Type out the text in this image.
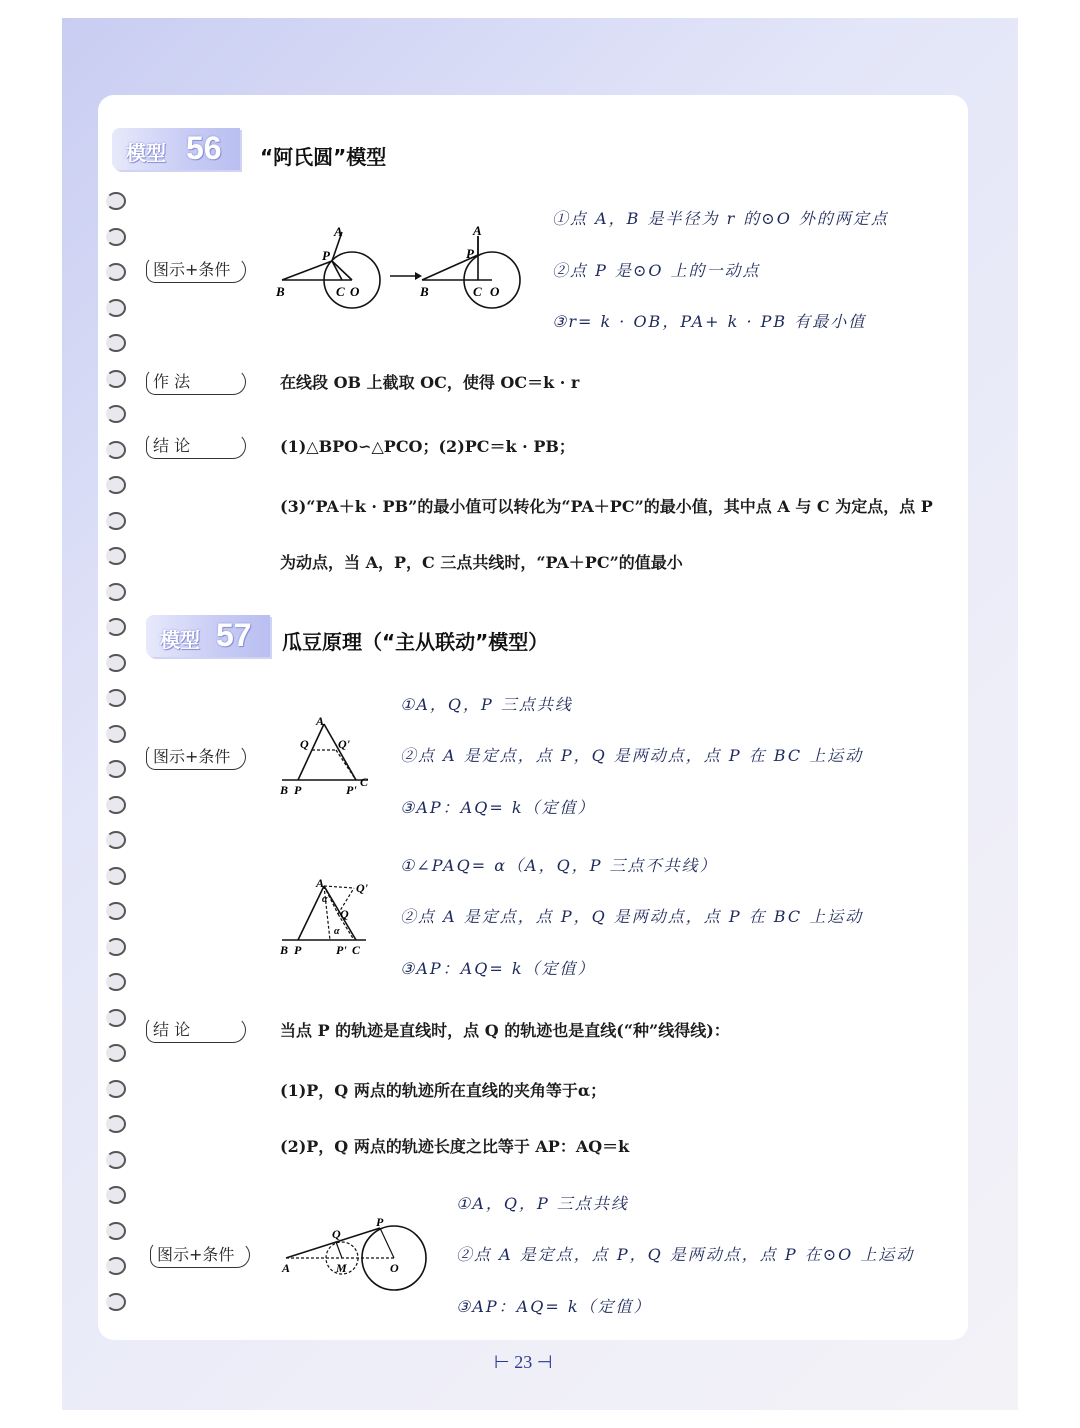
模型 56 “阿氏圆”模型
图示+条件
B
P
A
C O	B
P
A
C O
①点 A，B 是半径为 r 的⊙O 外的两定点
②点 P 是⊙O 上的一动点
③r= k · OB，PA+ k · PB 有最小值
作 法	在线段 OB 上截取 OC，使得 OC＝k · r
结 论	(1)△BPO∽△PCO；(2)PC＝k · PB；
(3)“PA＋k · PB”的最小值可以转化为“PA＋PC”的最小值，其中点 A 与 C 为定点，点 P
为动点，当 A，P，C 三点共线时，“PA＋PC”的值最小
模型 57 瓜豆原理（“主从联动”模型）
图示+条件
A
Q Q'
B P	P'
C
①A，Q，P 三点共线
②点 A 是定点，点 P，Q 是两动点，点 P 在 BC 上运动
③AP：AQ= k（定值）
A	Q'
Q
α
α
B P	P' C
①∠PAQ= α（A，Q，P 三点不共线）
②点 A 是定点，点 P，Q 是两动点，点 P 在 BC 上运动
③AP：AQ= k（定值）
结 论	当点 P 的轨迹是直线时，点 Q 的轨迹也是直线(“种”线得线)：
(1)P，Q 两点的轨迹所在直线的夹角等于α；
(2)P，Q 两点的轨迹长度之比等于 AP：AQ＝k
图示+条件
A
Q
P
M	O
①A，Q，P 三点共线
②点 A 是定点，点 P，Q 是两动点，点 P 在⊙O 上运动
③AP：AQ= k（定值）
⊢ 23 ⊣
